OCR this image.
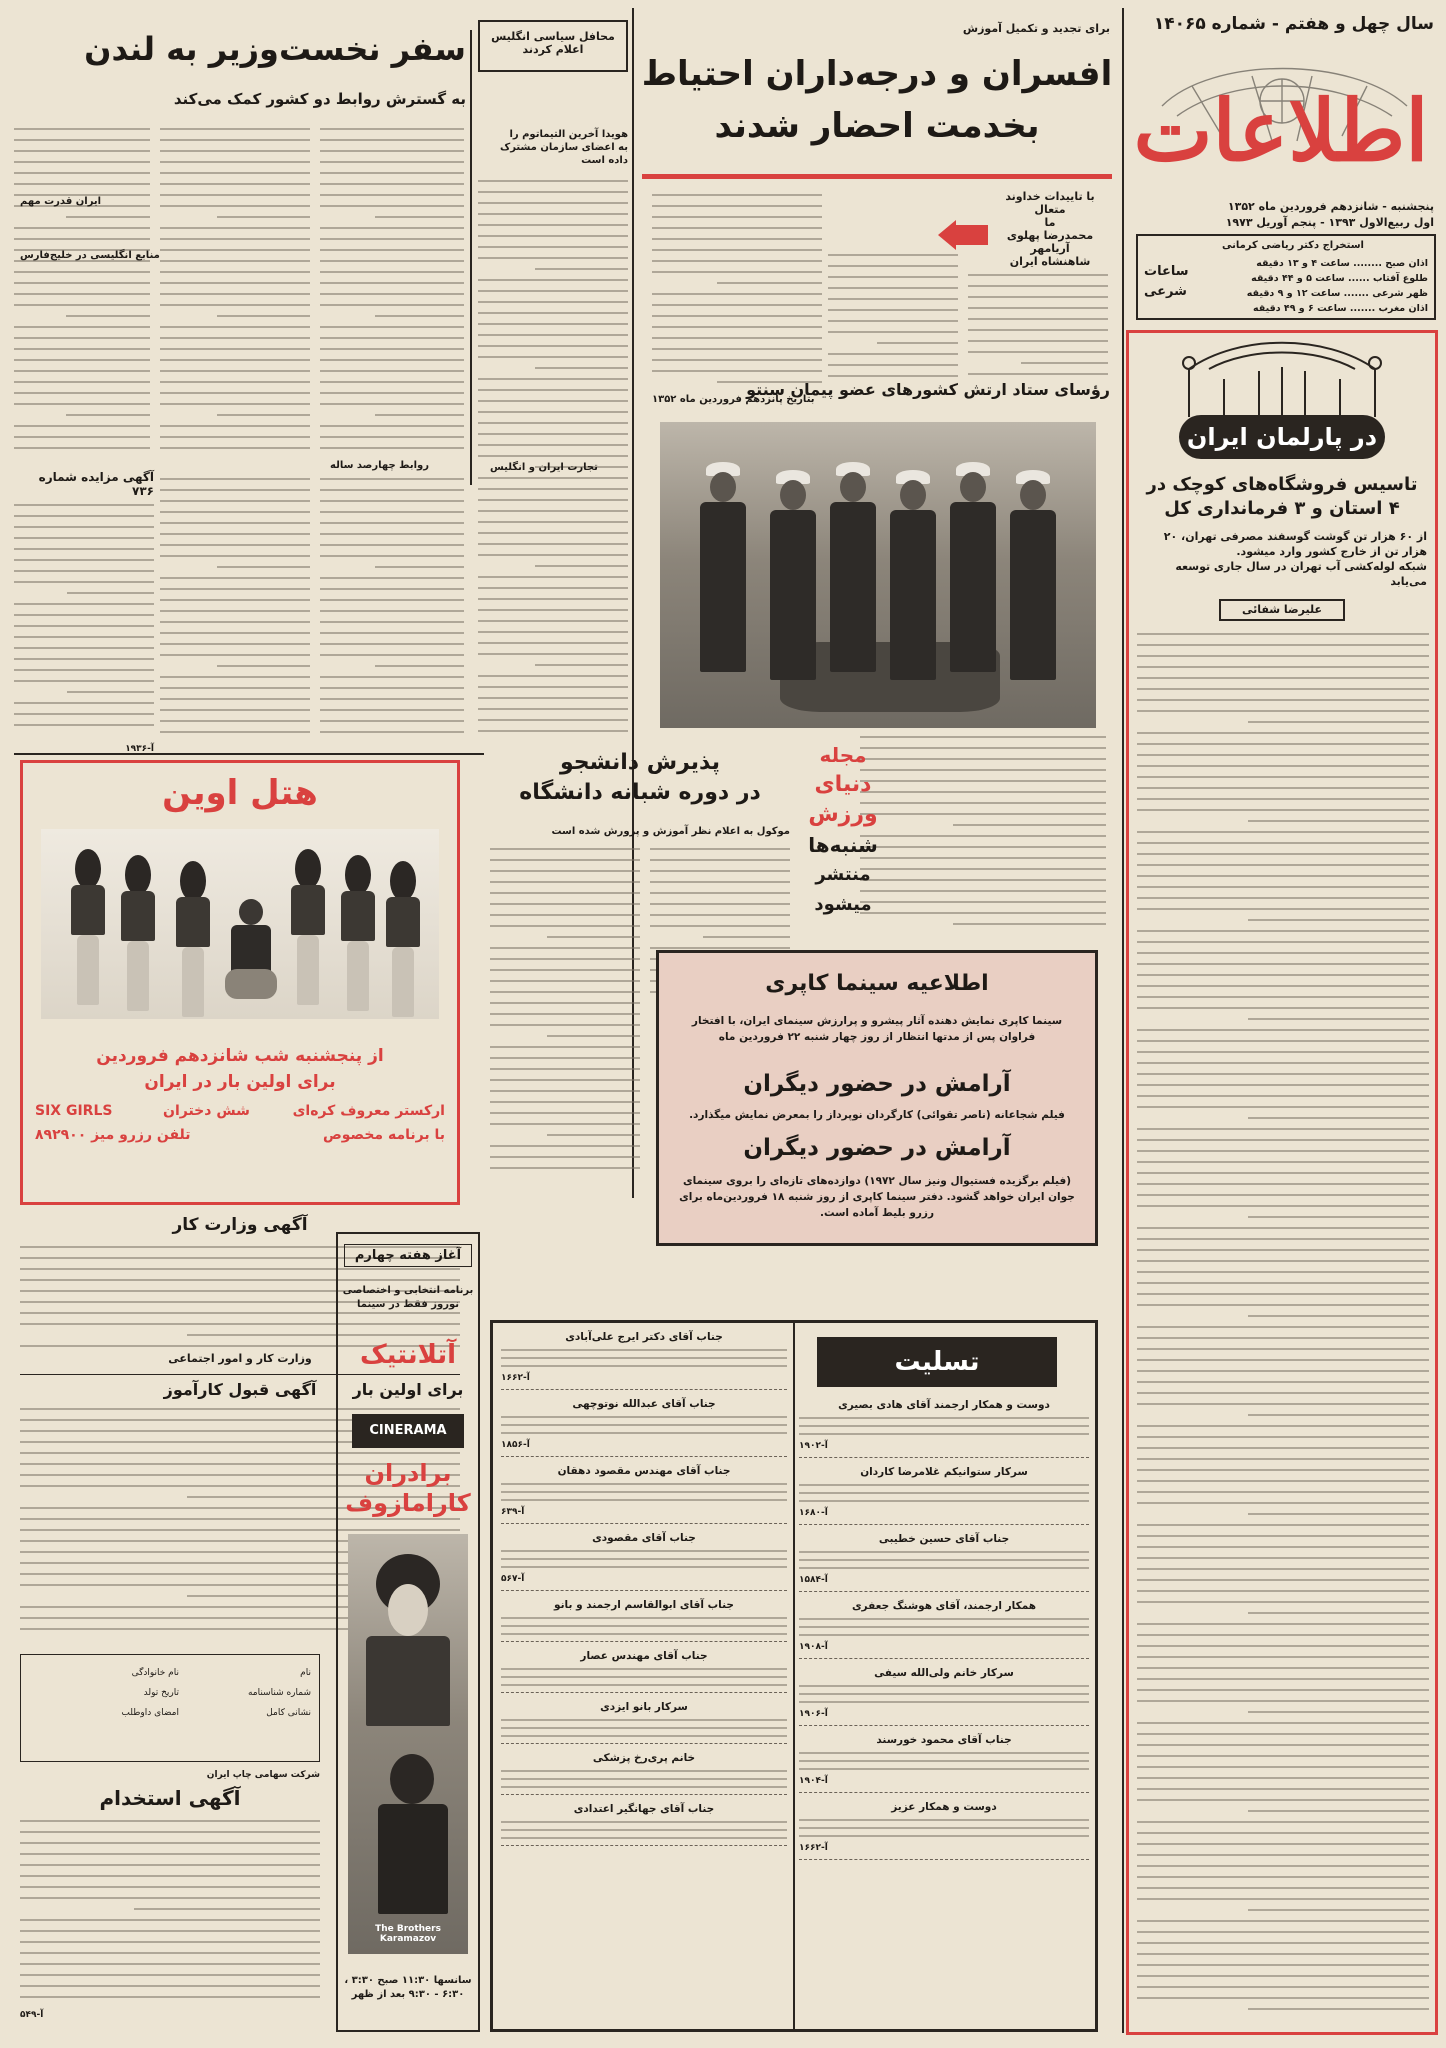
سال چهل و هفتم - شماره ۱۴۰۶۵
اطلاعات
پنجشنبه - شانزدهم فروردین ماه ۱۳۵۲
اول ربیع‌الاول ۱۳۹۳ - پنجم آوریل ۱۹۷۳
استخراج دکتر ریاضی کرمانی
ساعات
شرعی
اذان صبح ........ ساعت ۴ و ۱۳ دقیقه
طلوع آفتاب ...... ساعت ۵ و ۴۴ دقیقه
ظهر شرعی ....... ساعت ۱۲ و ۹ دقیقه
اذان مغرب ....... ساعت ۶ و ۴۹ دقیقه
در پارلمان ایران
تاسیس فروشگاه‌های کوچک در
۴ استان و ۳ فرمانداری کل
از ۶۰ هزار تن گوشت گوسفند مصرفی تهران، ۲۰
هزار تن از خارج کشور وارد میشود.
شبکه لوله‌کشی آب تهران در سال جاری توسعه
می‌یابد
علیرضا شفائی
برای تجدید و تکمیل آموزش
افسران و درجه‌داران احتیاط
بخدمت احضار شدند
با تاییدات خداوند متعال
ما
محمدرضا پهلوی آریامهر
شاهنشاه ایران
بتاریخ پانزدهم فروردین ماه ۱۳۵۲
رؤسای ستاد ارتش کشورهای عضو پیمان سنتو
محافل سیاسی انگلیس
اعلام کردند
سفر نخست‌وزیر به لندن
به گسترش روابط دو کشور کمک می‌کند
هویدا آخرین التیماتوم را
به اعضای سازمان مشترک
داده است
روابط چهارصد ساله	تجارت ایران و انگلیس
ایران قدرت مهم
منابع انگلیسی در خلیج‌فارس
آگهی مزایده شماره ۷۳۶
آ-۱۹۳۶
هتل اوین
از پنجشنبه شب شانزدهم فروردین
برای اولین بار در ایران
ارکستر معروف کره‌ای
با برنامه مخصوص
SIX GIRLS	شش دختران
تلفن رزرو میز ۸۹۲۹۰۰
پذیرش دانشجو
در دوره شبانه دانشگاه
موکول به اعلام نظر آموزش و پرورش شده است
مجله
دنیای ورزش
شنبه‌ها
منتشر میشود
اطلاعیه سینما کاپری
سینما کاپری نمایش دهنده آثار پیشرو و پرارزش سینمای ایران، با افتخار فراوان پس از مدتها انتظار از روز چهار شنبه ۲۲ فروردین ماه
آرامش در حضور دیگران
فیلم شجاعانه (ناصر تقوائی) کارگردان نوپرداز را بمعرض نمایش میگذارد.
آرامش در حضور دیگران
(فیلم برگزیده فستیوال ونیز سال ۱۹۷۲) دوازده‌های تازه‌ای را بروی سینمای جوان ایران خواهد گشود. دفتر سینما کاپری از روز شنبه ۱۸ فروردین‌ماه برای رزرو بلیط آماده است.
آگهی وزارت کار
وزارت کار و امور اجتماعی
آگهی قبول کارآموز
نام
شماره شناسنامه
نشانی کامل
نام خانوادگی
تاریخ تولد
امضای داوطلب
شرکت سهامی چاپ ایران
آگهی استخدام
آ-۵۴۹
آغاز هفته چهارم
برنامه انتخابی و اختصاصی نوروز فقط در سینما
آتلانتیک
برای اولین بار
CINERAMA
برادران کارامازوف
The Brothers Karamazov
سانسها ۱۱:۳۰ صبح ۳:۳۰ ، ۶:۳۰ - ۹:۳۰ بعد از ظهر
تسلیت
دوست و همکار ارجمند آقای هادی بصیری
آ-۱۹۰۲
سرکار ستوانیکم غلامرضا کاردان
آ-۱۶۸۰
جناب آقای حسین خطیبی
آ-۱۵۸۴
همکار ارجمند، آقای هوشنگ جعفری
آ-۱۹۰۸
سرکار خانم ولی‌الله سیفی
آ-۱۹۰۶
جناب آقای محمود خورسند
آ-۱۹۰۴
دوست و همکار عزیز
آ-۱۶۶۲
جناب آقای دکتر ایرج علی‌آبادی
آ-۱۶۶۲
جناب آقای عبدالله نوتوچهی
آ-۱۸۵۶
جناب آقای مهندس مقصود دهقان
آ-۶۳۹
جناب آقای مقصودی
آ-۵۶۷
جناب آقای ابوالقاسم ارجمند و بانو
جناب آقای مهندس عصار
سرکار بانو ایزدی
خانم پری‌رخ پزشکی
جناب آقای جهانگیر اعتدادی
